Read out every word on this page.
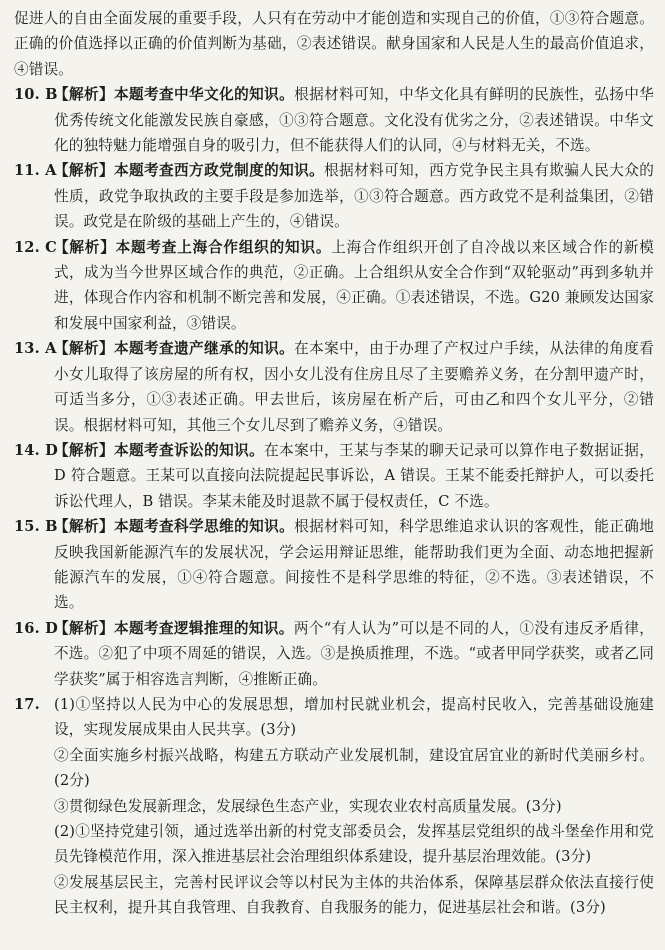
促进人的自由全面发展的重要手段，人只有在劳动中才能创造和实现自己的价值，①③符合题意。正确的价值选择以正确的价值判断为基础，②表述错误。献身国家和人民是人生的最高价值追求，④错误。

10. B
【解析】本题考查中华文化的知识。根据材料可知，中华文化具有鲜明的民族性，弘扬中华优秀传统文化能激发民族自豪感，①③符合题意。文化没有优劣之分，②表述错误。中华文化的独特魅力能增强自身的吸引力，但不能获得人们的认同，④与材料无关，不选。
11. A
【解析】本题考查西方政党制度的知识。根据材料可知，西方党争民主具有欺骗人民大众的性质，政党争取执政的主要手段是参加选举，①③符合题意。西方政党不是利益集团，②错误。政党是在阶级的基础上产生的，④错误。
12. C
【解析】本题考查上海合作组织的知识。上海合作组织开创了自冷战以来区域合作的新模式，成为当今世界区域合作的典范，②正确。上合组织从安全合作到“双轮驱动”再到多轨并进，体现合作内容和机制不断完善和发展，④正确。①表述错误，不选。G20 兼顾发达国家和发展中国家利益，③错误。
13. A
【解析】本题考查遗产继承的知识。在本案中，由于办理了产权过户手续，从法律的角度看小女儿取得了该房屋的所有权，因小女儿没有住房且尽了主要赡养义务，在分割甲遗产时，可适当多分，①③表述正确。甲去世后，该房屋在析产后，可由乙和四个女儿平分，②错误。根据材料可知，其他三个女儿尽到了赡养义务，④错误。
14. D
【解析】本题考查诉讼的知识。在本案中，王某与李某的聊天记录可以算作电子数据证据，D 符合题意。王某可以直接向法院提起民事诉讼，A 错误。王某不能委托辩护人，可以委托诉讼代理人，B 错误。李某未能及时退款不属于侵权责任，C 不选。
15. B
【解析】本题考查科学思维的知识。根据材料可知，科学思维追求认识的客观性，能正确地反映我国新能源汽车的发展状况，学会运用辩证思维，能帮助我们更为全面、动态地把握新能源汽车的发展，①④符合题意。间接性不是科学思维的特征，②不选。③表述错误，不选。
16. D
【解析】本题考查逻辑推理的知识。两个“有人认为”可以是不同的人，①没有违反矛盾律，不选。②犯了中项不周延的错误，入选。③是换质推理，不选。“或者甲同学获奖，或者乙同学获奖”属于相容选言判断，④推断正确。
17. (1)①坚持以人民为中心的发展思想，增加村民就业机会，提高村民收入，完善基础设施建设，实现发展成果由人民共享。(3分)

②全面实施乡村振兴战略，构建五方联动产业发展机制，建设宜居宜业的新时代美丽乡村。(2分)

③贯彻绿色发展新理念，发展绿色生态产业，实现农业农村高质量发展。(3分)

(2)①坚持党建引领，通过选举出新的村党支部委员会，发挥基层党组织的战斗堡垒作用和党员先锋模范作用，深入推进基层社会治理组织体系建设，提升基层治理效能。(3分)

②发展基层民主，完善村民评议会等以村民为主体的共治体系，保障基层群众依法直接行使民主权利，提升其自我管理、自我教育、自我服务的能力，促进基层社会和谐。(3分)
